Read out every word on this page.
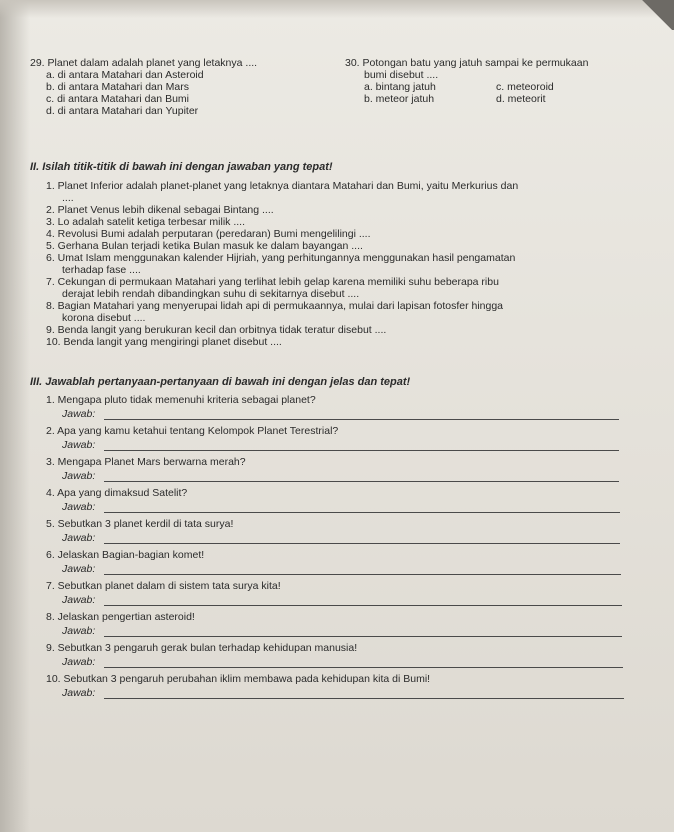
29. Planet dalam adalah planet yang letaknya ....
a. di antara Matahari dan Asteroid
b. di antara Matahari dan Mars
c. di antara Matahari dan Bumi
d. di antara Matahari dan Yupiter
30. Potongan batu yang jatuh sampai ke permukaan
bumi disebut ....
a. bintang jatuh
b. meteor jatuh
c. meteoroid
d. meteorit
II. Isilah titik-titik di bawah ini dengan jawaban yang tepat!
1. Planet Inferior adalah planet-planet yang letaknya diantara Matahari dan Bumi, yaitu Merkurius dan
....
2. Planet Venus lebih dikenal sebagai Bintang ....
3. Lo adalah satelit ketiga terbesar milik ....
4. Revolusi Bumi adalah perputaran (peredaran) Bumi mengelilingi ....
5. Gerhana Bulan terjadi ketika Bulan masuk ke dalam bayangan ....
6. Umat Islam menggunakan kalender Hijriah, yang perhitungannya menggunakan hasil pengamatan
terhadap fase ....
7. Cekungan di permukaan Matahari yang terlihat lebih gelap karena memiliki suhu beberapa ribu
derajat lebih rendah dibandingkan suhu di sekitarnya disebut ....
8. Bagian Matahari yang menyerupai lidah api di permukaannya, mulai dari lapisan fotosfer hingga
korona disebut ....
9. Benda langit yang berukuran kecil dan orbitnya tidak teratur disebut ....
10. Benda langit yang mengiringi planet disebut ....
III. Jawablah pertanyaan-pertanyaan di bawah ini dengan jelas dan tepat!
1. Mengapa pluto tidak memenuhi kriteria sebagai planet?
Jawab:
2. Apa yang kamu ketahui tentang Kelompok Planet Terestrial?
Jawab:
3. Mengapa Planet Mars berwarna merah?
Jawab:
4. Apa yang dimaksud Satelit?
Jawab:
5. Sebutkan 3 planet kerdil di tata surya!
Jawab:
6. Jelaskan Bagian-bagian komet!
Jawab:
7. Sebutkan planet dalam di sistem tata surya kita!
Jawab:
8. Jelaskan pengertian asteroid!
Jawab:
9. Sebutkan 3 pengaruh gerak bulan terhadap kehidupan manusia!
Jawab:
10. Sebutkan 3 pengaruh perubahan iklim membawa pada kehidupan kita di Bumi!
Jawab:
